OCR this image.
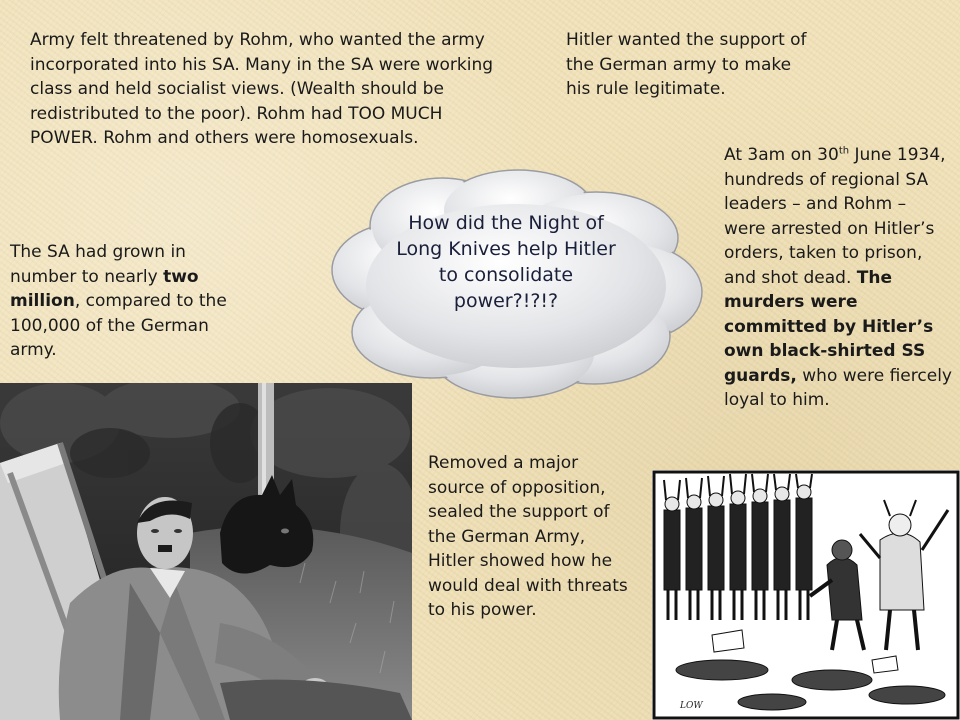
Army felt threatened by Rohm, who wanted the army incorporated into his SA. Many in the SA were working class and held socialist views. (Wealth should be redistributed to the poor). Rohm had TOO MUCH POWER. Rohm and others were homosexuals.

Hitler wanted the support of the German army to make his rule legitimate.

The SA had grown in number to nearly two million, compared to the 100,000 of the German army.

At 3am on 30th June 1934, hundreds of regional SA leaders – and Rohm – were arrested on Hitler’s orders, taken to prison, and shot dead. The murders were committed by Hitler’s own black-shirted SS guards, who were fiercely loyal to him.

Removed a major source of opposition, sealed the support of the German Army, Hitler showed how he would deal with threats to his power.

How did the Night of Long Knives help Hitler to consolidate power?!?!?

LOW
